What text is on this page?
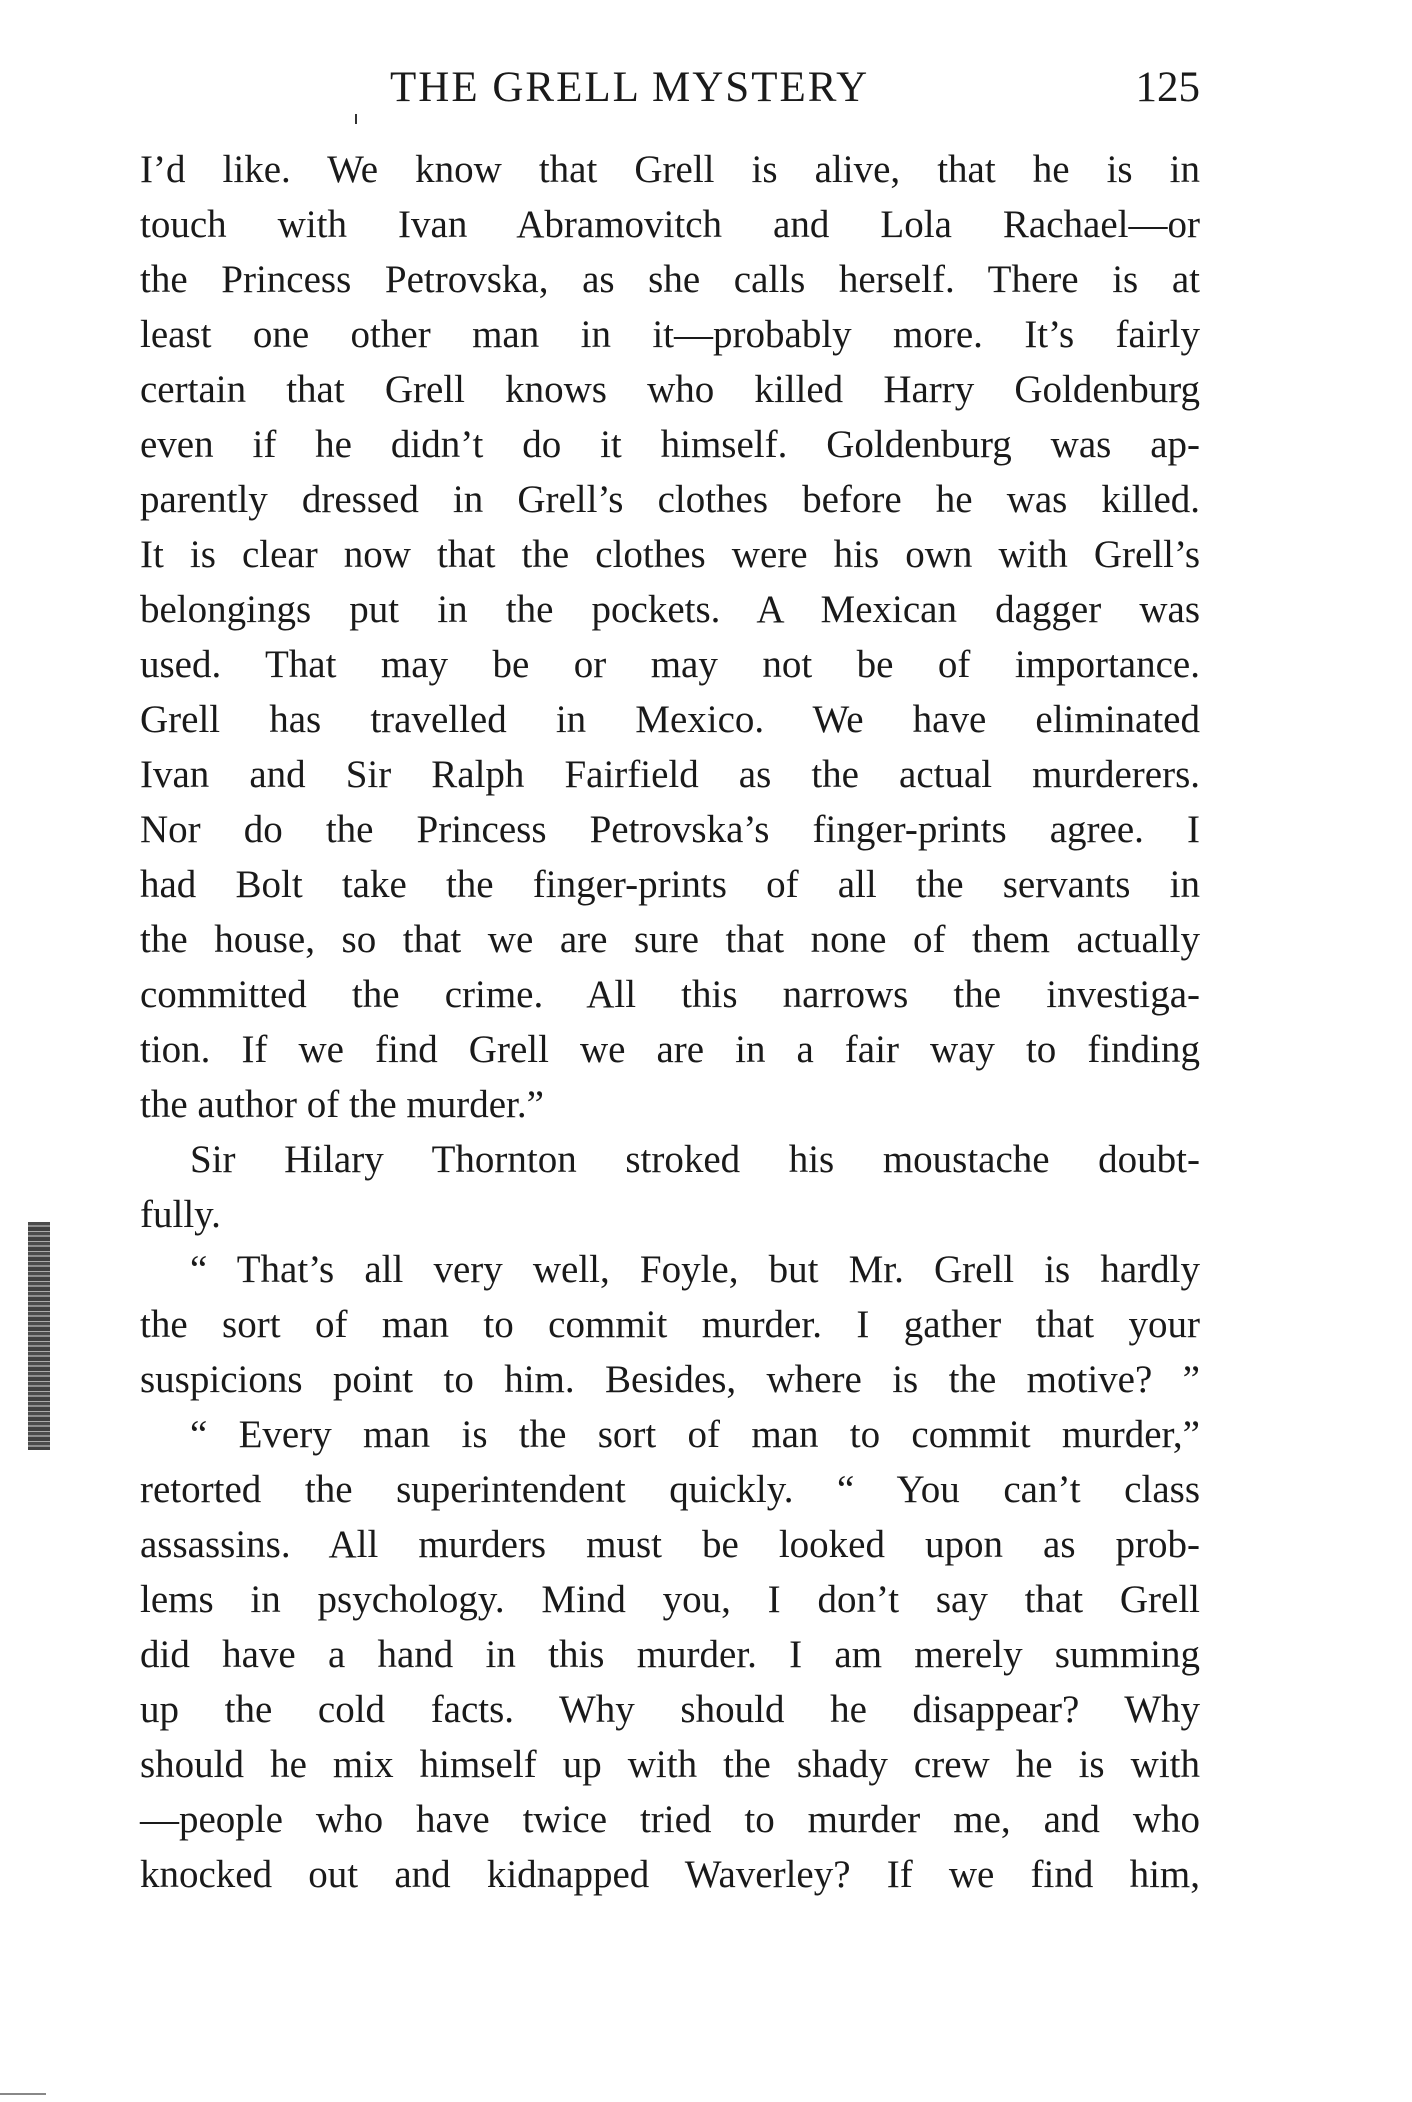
THE GRELL MYSTERY	125
I’d like. We know that Grell is alive, that he is in
touch with Ivan Abramovitch and Lola Rachael—or
the Princess Petrovska, as she calls herself. There is at
least one other man in it—probably more. It’s fairly
certain that Grell knows who killed Harry Goldenburg
even if he didn’t do it himself. Goldenburg was ap-
parently dressed in Grell’s clothes before he was killed.
It is clear now that the clothes were his own with Grell’s
belongings put in the pockets. A Mexican dagger was
used. That may be or may not be of importance.
Grell has travelled in Mexico. We have eliminated
Ivan and Sir Ralph Fairfield as the actual murderers.
Nor do the Princess Petrovska’s finger-prints agree. I
had Bolt take the finger-prints of all the servants in
the house, so that we are sure that none of them actually
committed the crime. All this narrows the investiga-
tion. If we find Grell we are in a fair way to finding
the author of the murder.”
Sir Hilary Thornton stroked his moustache doubt-
fully.
“ That’s all very well, Foyle, but Mr. Grell is hardly
the sort of man to commit murder. I gather that your
suspicions point to him. Besides, where is the motive? ”
“ Every man is the sort of man to commit murder,”
retorted the superintendent quickly. “ You can’t class
assassins. All murders must be looked upon as prob-
lems in psychology. Mind you, I don’t say that Grell
did have a hand in this murder. I am merely summing
up the cold facts. Why should he disappear? Why
should he mix himself up with the shady crew he is with
—people who have twice tried to murder me, and who
knocked out and kidnapped Waverley? If we find him,
